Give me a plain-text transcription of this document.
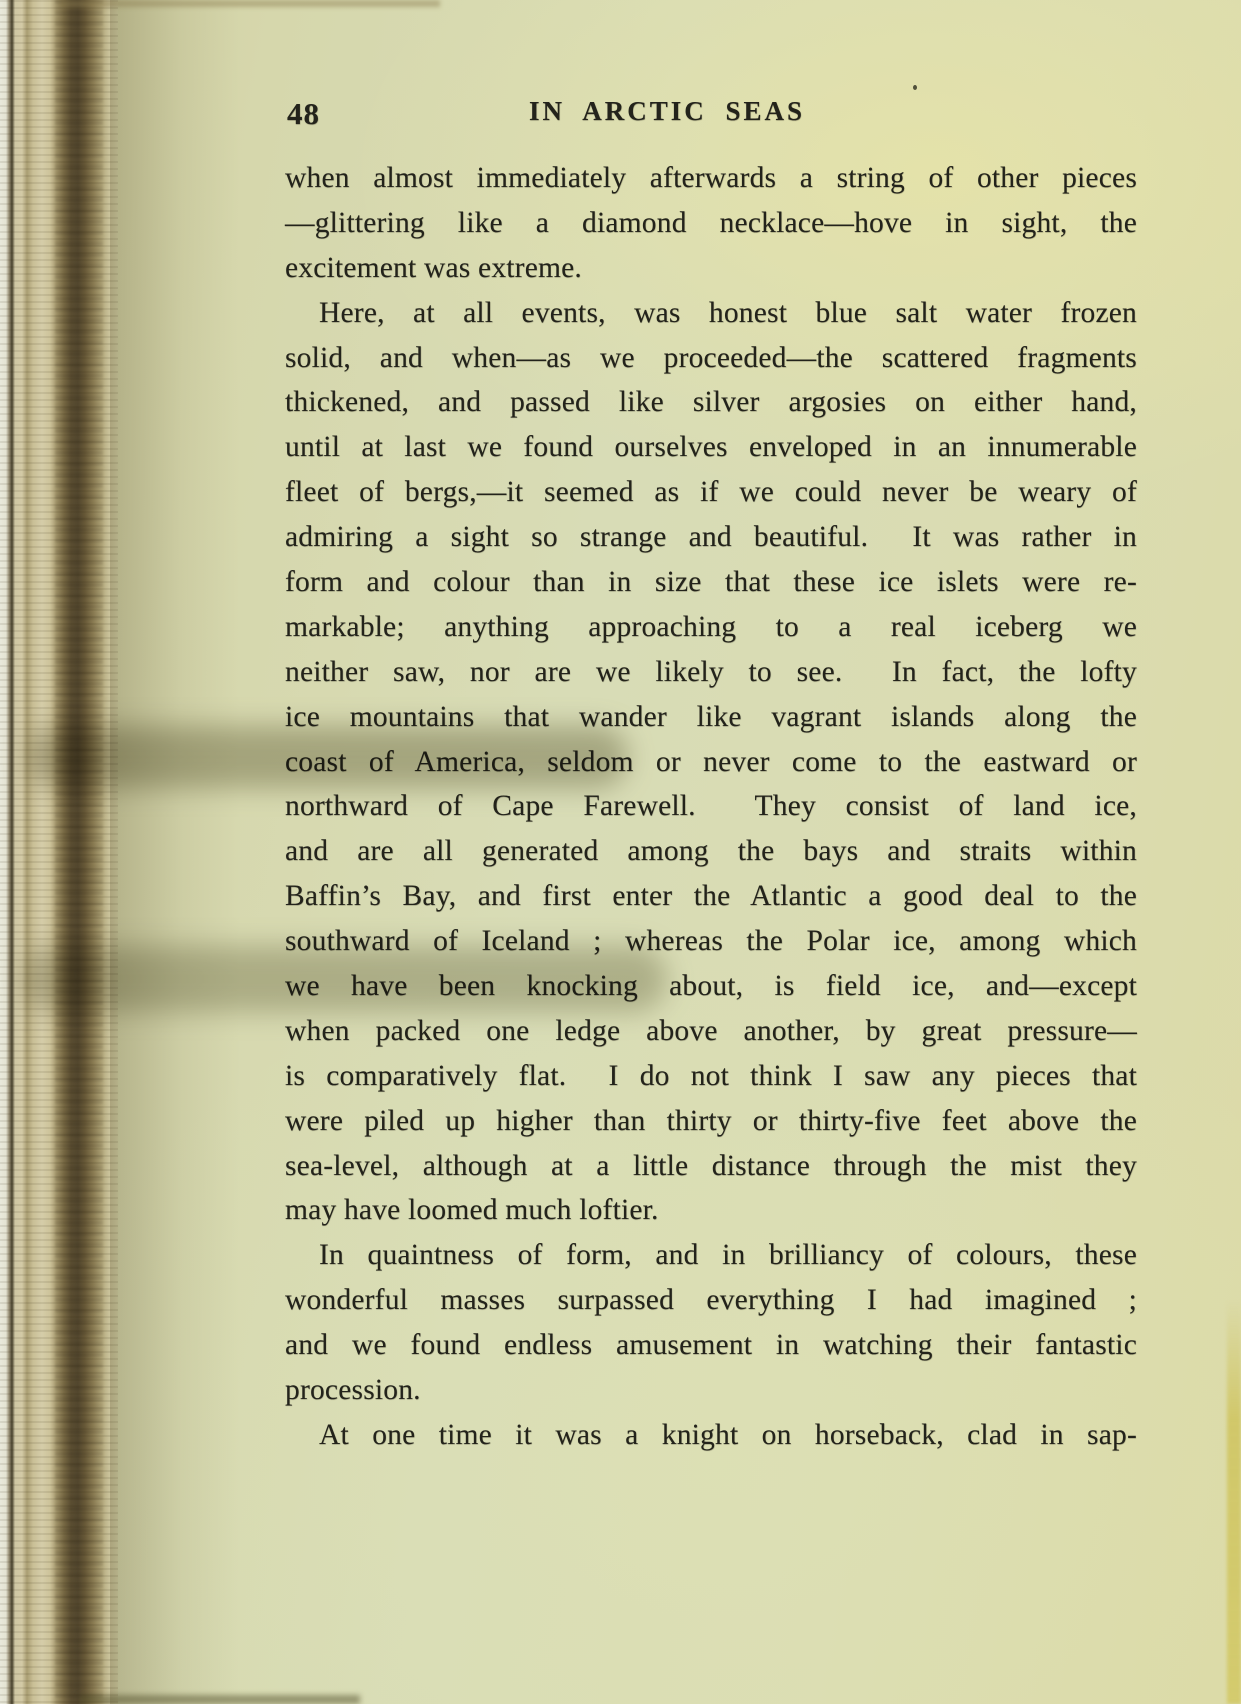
48	IN ARCTIC SEAS
when almost immediately afterwards a string of other pieces
—glittering like a diamond necklace—hove in sight, the
excitement was extreme.
Here, at all events, was honest blue salt water frozen
solid, and when—as we proceeded—the scattered fragments
thickened, and passed like silver argosies on either hand,
until at last we found ourselves enveloped in an innumerable
fleet of bergs,—it seemed as if we could never be weary of
admiring a sight so strange and beautiful.  It was rather in
form and colour than in size that these ice islets were re-
markable; anything approaching to a real iceberg we
neither saw, nor are we likely to see.  In fact, the lofty
ice mountains that wander like vagrant islands along the
coast of America, seldom or never come to the eastward or
northward of Cape Farewell.  They consist of land ice,
and are all generated among the bays and straits within
Baffin’s Bay, and first enter the Atlantic a good deal to the
southward of Iceland ; whereas the Polar ice, among which
we have been knocking about, is field ice, and—except
when packed one ledge above another, by great pressure—
is comparatively flat.  I do not think I saw any pieces that
were piled up higher than thirty or thirty-five feet above the
sea-level, although at a little distance through the mist they
may have loomed much loftier.
In quaintness of form, and in brilliancy of colours, these
wonderful masses surpassed everything I had imagined ;
and we found endless amusement in watching their fantastic
procession.
At one time it was a knight on horseback, clad in sap-
